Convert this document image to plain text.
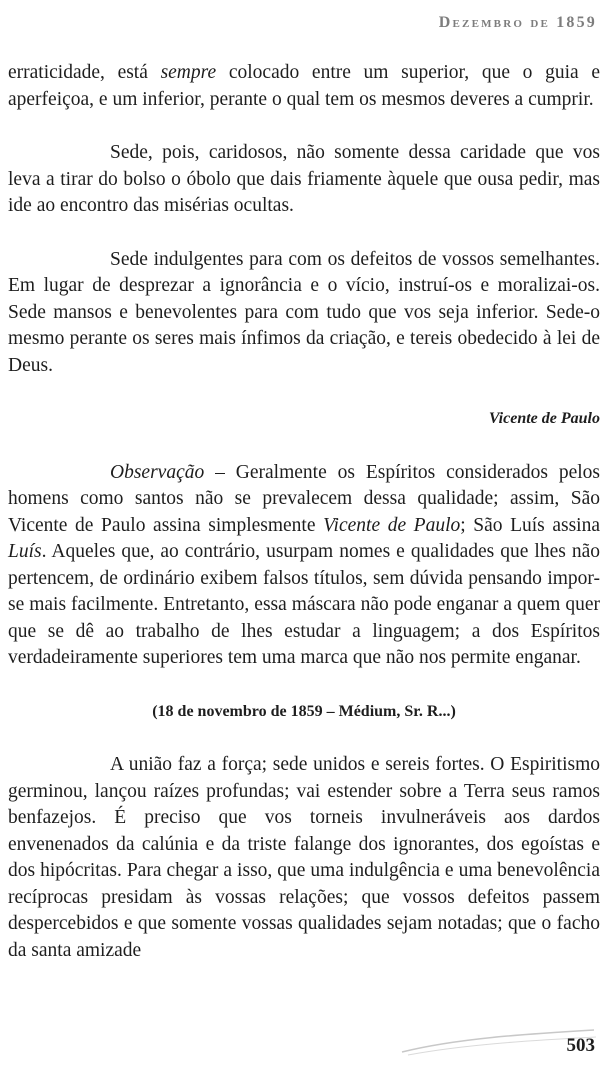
Dezembro de 1859

erraticidade, está sempre colocado entre um superior, que o guia e aperfeiçoa, e um inferior, perante o qual tem os mesmos deveres a cumprir.

Sede, pois, caridosos, não somente dessa caridade que vos leva a tirar do bolso o óbolo que dais friamente àquele que ousa pedir, mas ide ao encontro das misérias ocultas.

Sede indulgentes para com os defeitos de vossos semelhantes. Em lugar de desprezar a ignorância e o vício, instruí-os e moralizai-os. Sede mansos e benevolentes para com tudo que vos seja inferior. Sede-o mesmo perante os seres mais ínfimos da criação, e tereis obedecido à lei de Deus.

Vicente de Paulo

Observação – Geralmente os Espíritos considerados pelos homens como santos não se prevalecem dessa qualidade; assim, São Vicente de Paulo assina simplesmente Vicente de Paulo; São Luís assina Luís. Aqueles que, ao contrário, usurpam nomes e qualidades que lhes não pertencem, de ordinário exibem falsos títulos, sem dúvida pensando impor-se mais facilmente. Entretanto, essa máscara não pode enganar a quem quer que se dê ao trabalho de lhes estudar a linguagem; a dos Espíritos verdadeiramente superiores tem uma marca que não nos permite enganar.

(18 de novembro de 1859 – Médium, Sr. R...)

A união faz a força; sede unidos e sereis fortes. O Espiritismo germinou, lançou raízes profundas; vai estender sobre a Terra seus ramos benfazejos. É preciso que vos torneis invulneráveis aos dardos envenenados da calúnia e da triste falange dos ignorantes, dos egoístas e dos hipócritas. Para chegar a isso, que uma indulgência e uma benevolência recíprocas presidam às vossas relações; que vossos defeitos passem despercebidos e que somente vossas qualidades sejam notadas; que o facho da santa amizade

503
